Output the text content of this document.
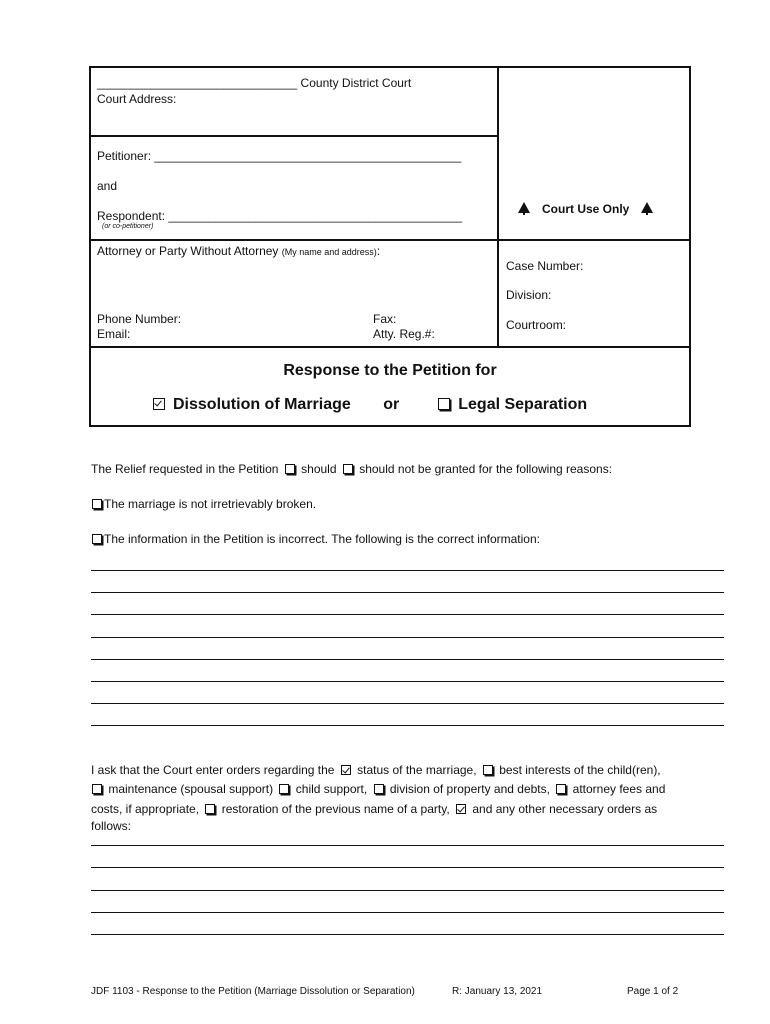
______________________________ County District Court
Court Address:
Petitioner: ______________________________________________
and
Respondent: ____________________________________________
(or co-petitioner)
Attorney or Party Without Attorney (My name and address):
Phone Number:
Email:
Fax:
Atty. Reg.#:
Court Use Only
Case Number:
Division:
Courtroom:
Response to the Petition for
Dissolution of Marriage or	Legal Separation
The Relief requested in the Petition should should not be granted for the following reasons:
The marriage is not irretrievably broken.
The information in the Petition is incorrect. The following is the correct information:
I ask that the Court enter orders regarding the status of the marriage, best interests of the child(ren),
maintenance (spousal support) child support, division of property and debts, attorney fees and
costs, if appropriate, restoration of the previous name of a party, and any other necessary orders as
follows:
JDF 1103 - Response to the Petition (Marriage Dissolution or Separation)	R: January 13, 2021	Page 1 of 2
